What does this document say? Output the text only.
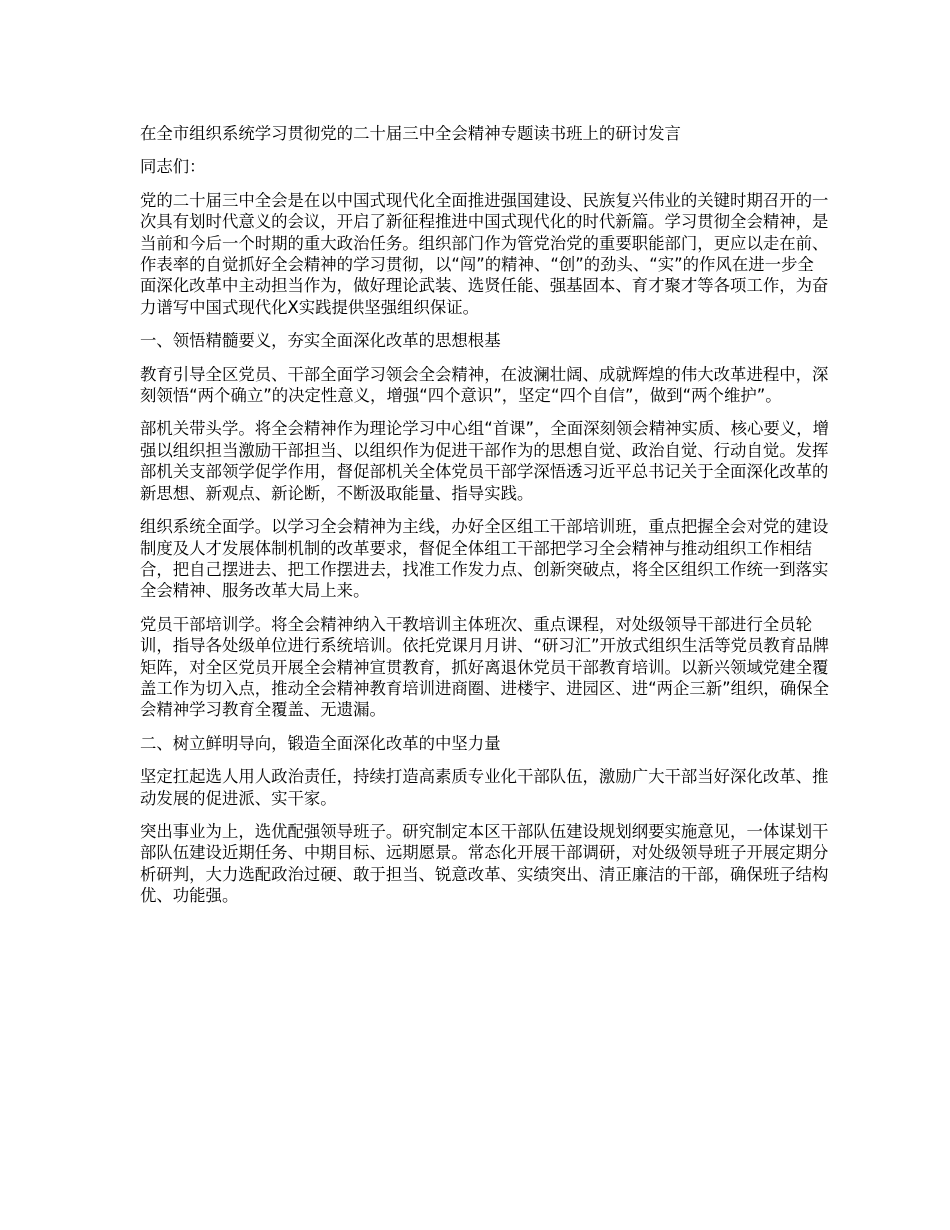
在全市组织系统学习贯彻党的二十届三中全会精神专题读书班上的研讨发言

同志们：

党的二十届三中全会是在以中国式现代化全面推进强国建设、民族复兴伟业的关键时期召开的一次具有划时代意义的会议，开启了新征程推进中国式现代化的时代新篇。学习贯彻全会精神，是当前和今后一个时期的重大政治任务。组织部门作为管党治党的重要职能部门，更应以走在前、作表率的自觉抓好全会精神的学习贯彻，以“闯”的精神、“创”的劲头、“实”的作风在进一步全面深化改革中主动担当作为，做好理论武装、选贤任能、强基固本、育才聚才等各项工作，为奋力谱写中国式现代化X实践提供坚强组织保证。

一、领悟精髓要义，夯实全面深化改革的思想根基

教育引导全区党员、干部全面学习领会全会精神，在波澜壮阔、成就辉煌的伟大改革进程中，深刻领悟“两个确立”的决定性意义，增强“四个意识”，坚定“四个自信”，做到“两个维护”。

部机关带头学。将全会精神作为理论学习中心组“首课”，全面深刻领会精神实质、核心要义，增强以组织担当激励干部担当、以组织作为促进干部作为的思想自觉、政治自觉、行动自觉。发挥部机关支部领学促学作用，督促部机关全体党员干部学深悟透习近平总书记关于全面深化改革的新思想、新观点、新论断，不断汲取能量、指导实践。

组织系统全面学。以学习全会精神为主线，办好全区组工干部培训班，重点把握全会对党的建设制度及人才发展体制机制的改革要求，督促全体组工干部把学习全会精神与推动组织工作相结合，把自己摆进去、把工作摆进去，找准工作发力点、创新突破点，将全区组织工作统一到落实全会精神、服务改革大局上来。

党员干部培训学。将全会精神纳入干教培训主体班次、重点课程，对处级领导干部进行全员轮训，指导各处级单位进行系统培训。依托党课月月讲、“研习汇”开放式组织生活等党员教育品牌矩阵，对全区党员开展全会精神宣贯教育，抓好离退休党员干部教育培训。以新兴领域党建全覆盖工作为切入点，推动全会精神教育培训进商圈、进楼宇、进园区、进“两企三新”组织，确保全会精神学习教育全覆盖、无遗漏。

二、树立鲜明导向，锻造全面深化改革的中坚力量

坚定扛起选人用人政治责任，持续打造高素质专业化干部队伍，激励广大干部当好深化改革、推动发展的促进派、实干家。

突出事业为上，选优配强领导班子。研究制定本区干部队伍建设规划纲要实施意见，一体谋划干部队伍建设近期任务、中期目标、远期愿景。常态化开展干部调研，对处级领导班子开展定期分析研判，大力选配政治过硬、敢于担当、锐意改革、实绩突出、清正廉洁的干部，确保班子结构优、功能强。
